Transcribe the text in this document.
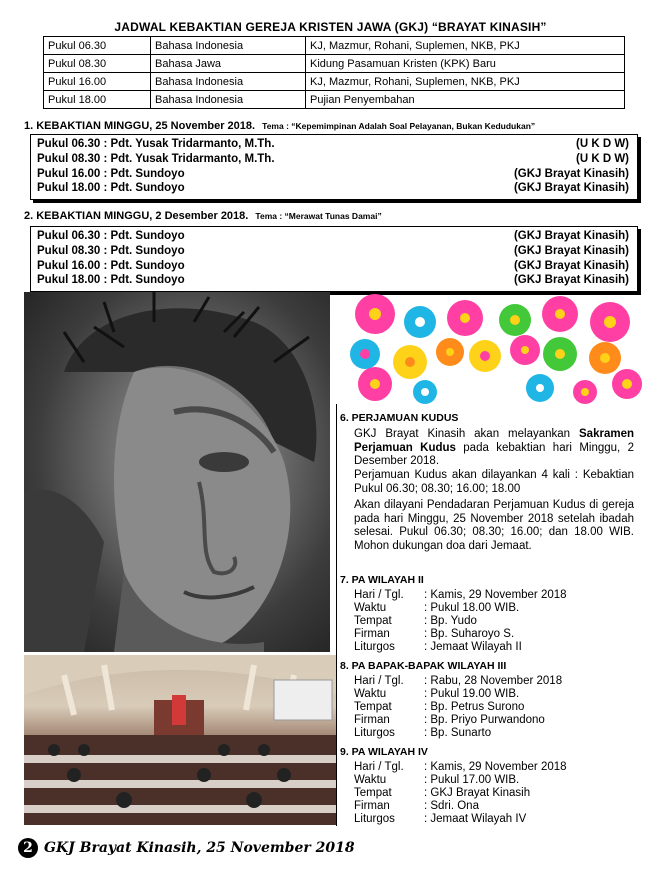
JADWAL KEBAKTIAN GEREJA KRISTEN JAWA (GKJ) “BRAYAT KINASIH”
Pukul 06.30	Bahasa Indonesia	KJ, Mazmur, Rohani, Suplemen, NKB, PKJ
Pukul 08.30	Bahasa Jawa	Kidung Pasamuan Kristen (KPK) Baru
Pukul 16.00	Bahasa Indonesia	KJ, Mazmur, Rohani, Suplemen, NKB, PKJ
Pukul 18.00	Bahasa Indonesia	Pujian Penyembahan
1. KEBAKTIAN MINGGU, 25 November 2018. Tema : “Kepemimpinan Adalah Soal Pelayanan, Bukan Kedudukan”
Pukul 06.30 : Pdt. Yusak Tridarmanto, M.Th.	(U K D W)
Pukul 08.30 : Pdt. Yusak Tridarmanto, M.Th.	(U K D W)
Pukul 16.00 : Pdt. Sundoyo	(GKJ Brayat Kinasih)
Pukul 18.00 : Pdt. Sundoyo	(GKJ Brayat Kinasih)
2. KEBAKTIAN MINGGU, 2 Desember 2018. Tema : “Merawat Tunas Damai”
Pukul 06.30 : Pdt. Sundoyo	(GKJ Brayat Kinasih)
Pukul 08.30 : Pdt. Sundoyo	(GKJ Brayat Kinasih)
Pukul 16.00 : Pdt. Sundoyo	(GKJ Brayat Kinasih)
Pukul 18.00 : Pdt. Sundoyo	(GKJ Brayat Kinasih)
6. PERJAMUAN KUDUS
GKJ Brayat Kinasih akan melayankan Sakramen Perjamuan Kudus pada kebaktian hari Minggu, 2 Desember 2018.
Perjamuan Kudus akan dilayankan 4 kali : Kebaktian Pukul 06.30; 08.30; 16.00; 18.00
Akan dilayani Pendadaran Perjamuan Kudus di gereja pada hari Minggu, 25 November 2018 setelah ibadah selesai. Pukul 06.30; 08.30; 16.00; dan 18.00 WIB. Mohon dukungan doa dari Jemaat.
7. PA WILAYAH II
Hari / Tgl. : Kamis, 29 November 2018
Waktu	: Pukul 18.00 WIB.
Tempat	: Bp. Yudo
Firman	: Bp. Suharoyo S.
Liturgos	: Jemaat Wilayah II
8. PA BAPAK-BAPAK WILAYAH III
Hari / Tgl. : Rabu, 28 November 2018
Waktu	: Pukul 19.00 WIB.
Tempat	: Bp. Petrus Surono
Firman	: Bp. Priyo Purwandono
Liturgos	: Bp. Sunarto
9. PA WILAYAH IV
Hari / Tgl. : Kamis, 29 November 2018
Waktu	: Pukul 17.00 WIB.
Tempat	: GKJ Brayat Kinasih
Firman	: Sdri. Ona
Liturgos	: Jemaat Wilayah IV
2 GKJ Brayat Kinasih, 25 November 2018
